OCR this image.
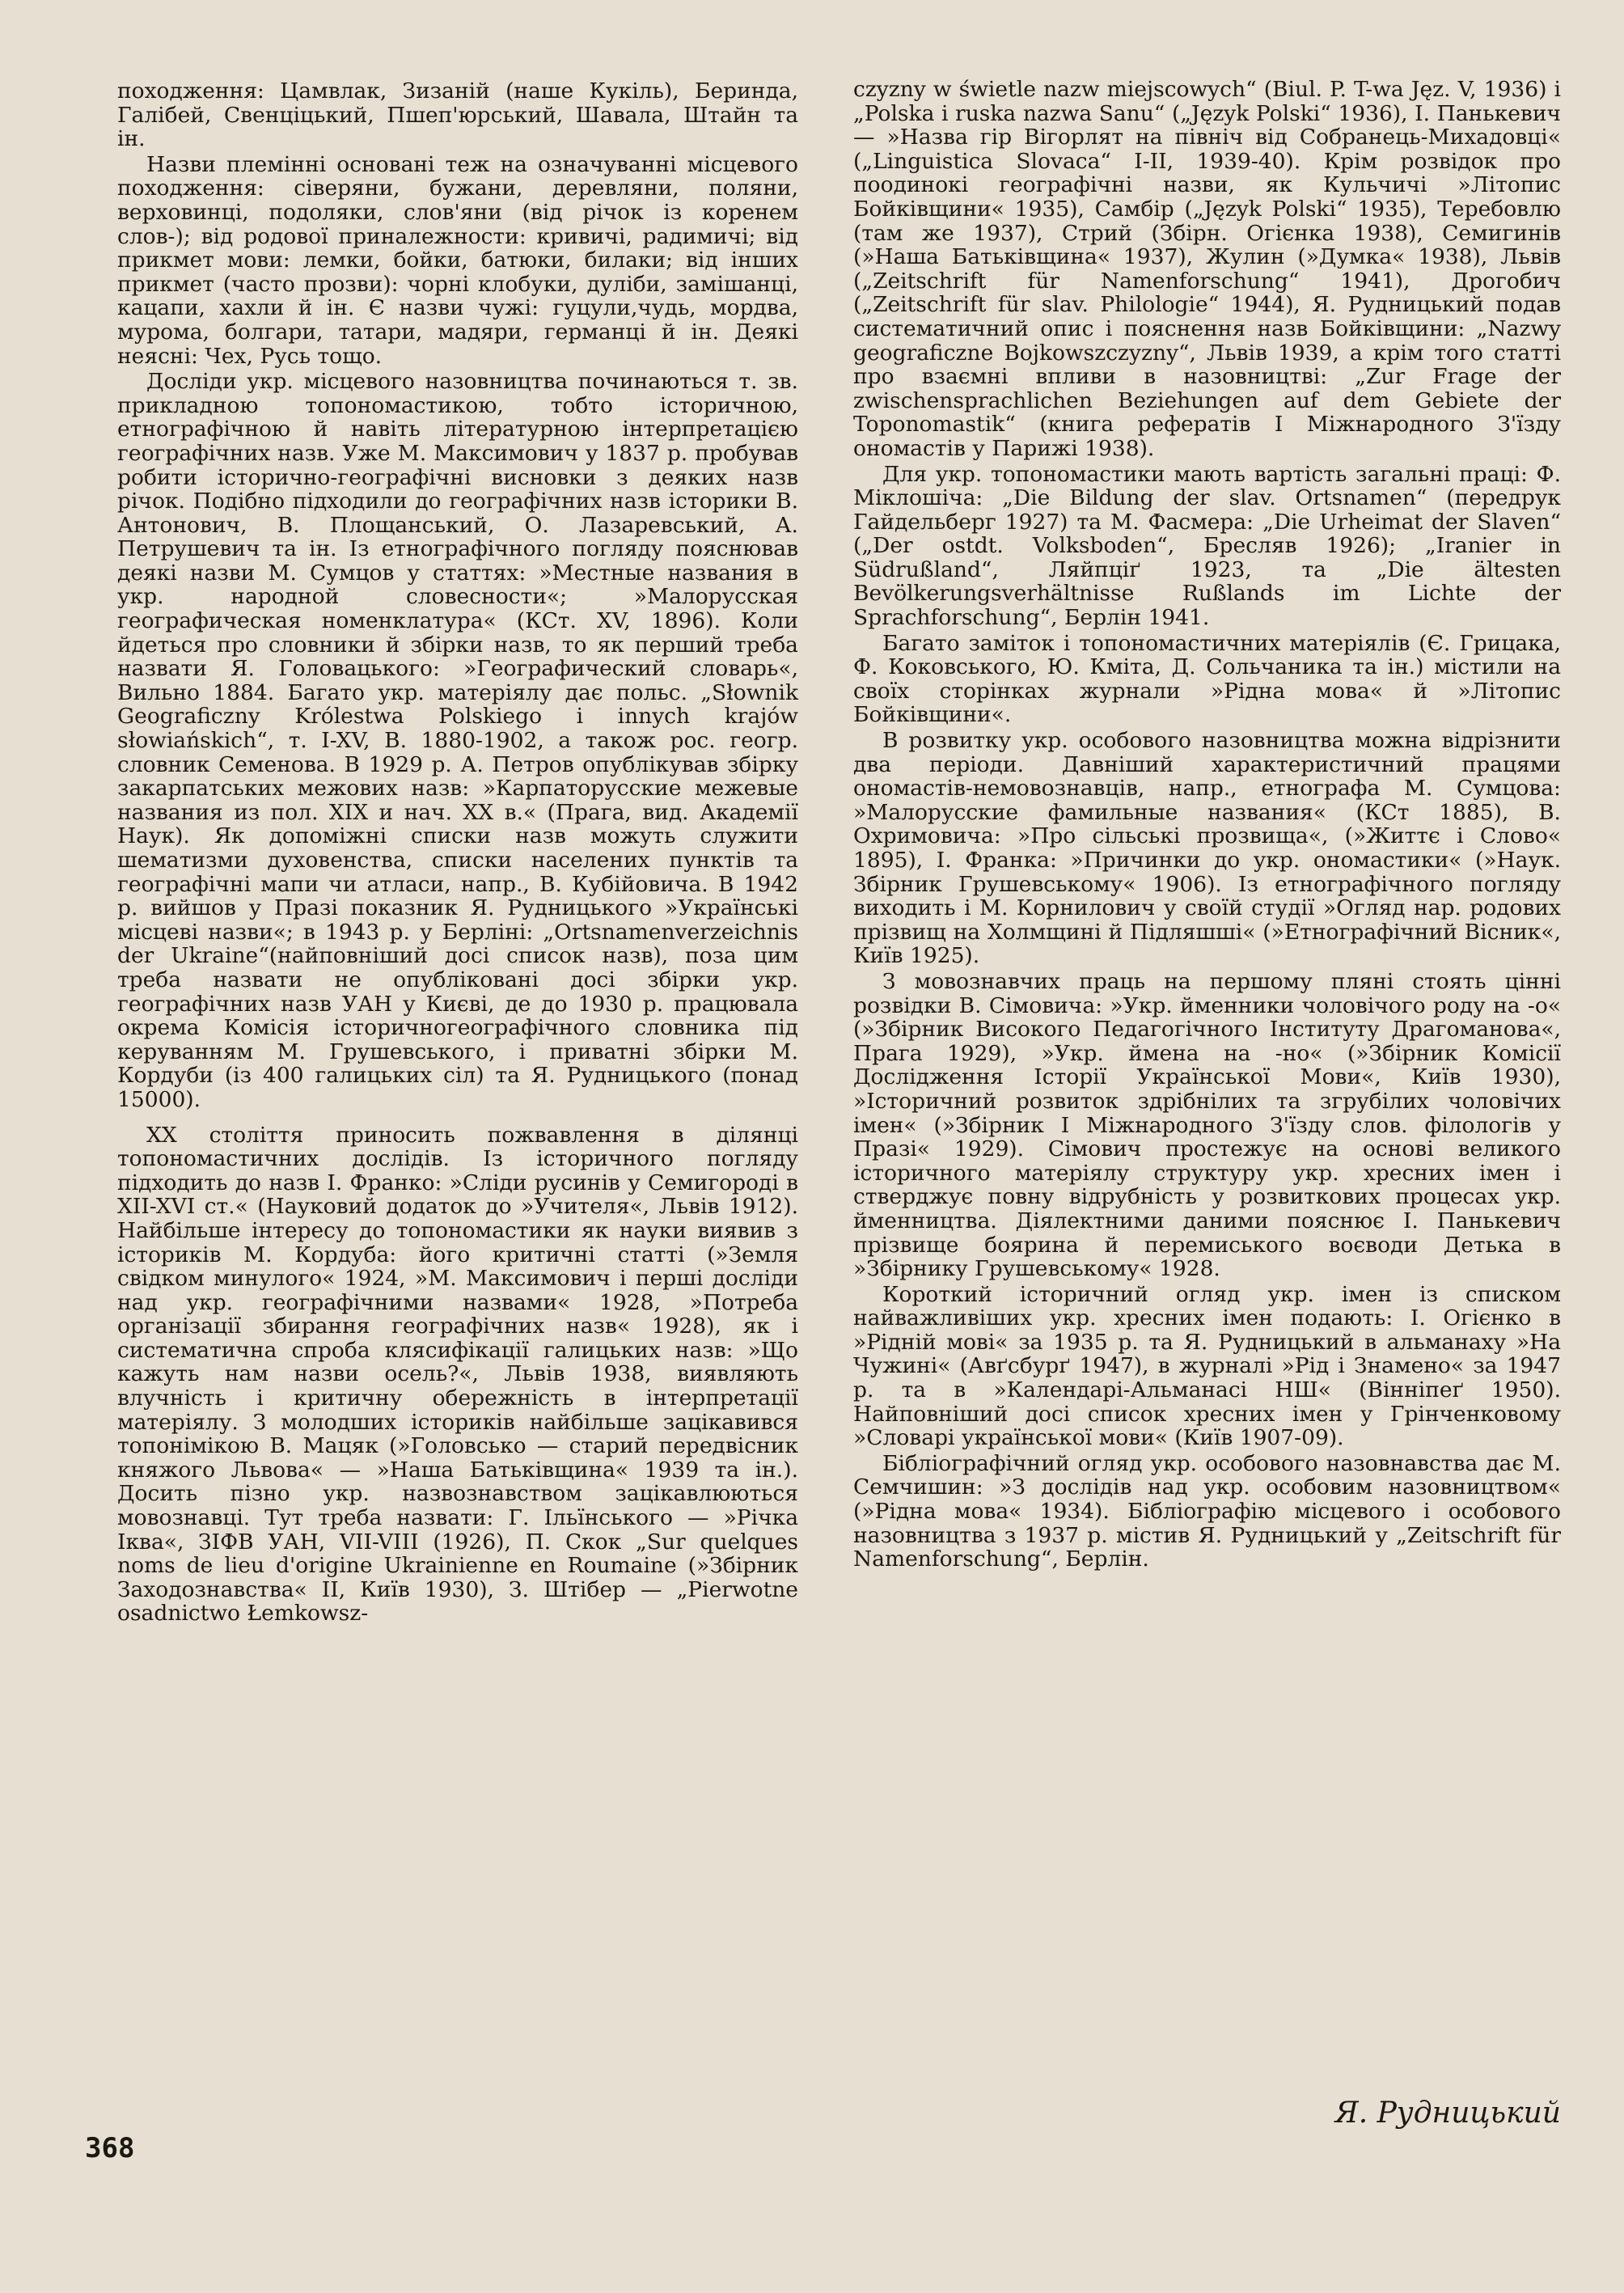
походження: Цамвлак, Зизаній (наше Кукіль), Беринда, Галібей, Свенціцький, Пшеп'юрський, Шавала, Штайн та ін.

Назви племінні основані теж на означуванні місцевого походження: сіверяни, бужани, деревляни, поляни, верховинці, подоляки, слов'яни (від річок із коренем слов-); від родової приналежности: кривичі, радимичі; від прикмет мови: лемки, бойки, батюки, билаки; від інших прикмет (часто прозви): чорні клобуки, дуліби, замішанці, кацапи, хахли й ін. Є назви чужі: гуцули,чудь, мордва, мурома, болгари, татари, мадяри, германці й ін. Деякі неясні: Чех, Русь тощо.

Досліди укр. місцевого назовництва починаються т. зв. прикладною топономастикою, тобто історичною, етнографічною й навіть літературною інтерпретацією географічних назв. Уже М. Максимович у 1837 р. пробував робити історично-географічні висновки з деяких назв річок. Подібно підходили до географічних назв історики В. Антонович, В. Площанський, О. Лазаревський, А. Петрушевич та ін. Із етнографічного погляду пояснював деякі назви М. Сумцов у статтях: »Местные названия в укр. народной словесности«; »Малорусская географическая номенклатура« (КСт. XV, 1896). Коли йдеться про словники й збірки назв, то як перший треба назвати Я. Головацького: »Географический словарь«, Вильно 1884. Багато укр. матеріялу дає польс. „Słownik Geograficzny Królestwa Polskiego i innych krajów słowiańskich“, т. I-XV, В. 1880-1902, а також рос. геогр. словник Семенова. В 1929 р. А. Петров опублікував збірку закарпатських межових назв: »Карпаторусские межевые названия из пол. XIX и нач. XX в.« (Прага, вид. Академії Наук). Як допоміжні списки назв можуть служити шематизми духовенства, списки населених пунктів та географічні мапи чи атласи, напр., В. Кубійовича. В 1942 р. вийшов у Празі показник Я. Рудницького »Українські місцеві назви«; в 1943 р. у Берліні: „Ortsnamenverzeichnis der Ukraine“(найповніший досі список назв), поза цим треба назвати не опубліковані досі збірки укр. географічних назв УАН у Києві, де до 1930 р. працювала окрема Комісія історичногеографічного словника під керуванням М. Грушевського, і приватні збірки М. Кордуби (із 400 галицьких сіл) та Я. Рудницького (понад 15000).

XX століття приносить пожвавлення в ділянці топономастичних дослідів. Із історичного погляду підходить до назв І. Франко: »Сліди русинів у Семигороді в XII-XVI ст.« (Науковий додаток до »Учителя«, Львів 1912). Найбільше інтересу до топономастики як науки виявив з істориків М. Кордуба: його критичні статті (»Земля свідком минулого« 1924, »М. Максимович і перші досліди над укр. географічними назвами« 1928, »Потреба організації збирання географічних назв« 1928), як і систематична спроба клясифікації галицьких назв: »Що кажуть нам назви осель?«, Львів 1938, виявляють влучність і критичну обережність в інтерпретації матеріялу. З молодших істориків найбільше зацікавився топонімікою В. Мацяк (»Головсько — старий передвісник княжого Львова« — »Наша Батьківщина« 1939 та ін.). Досить пізно укр. назвознавством зацікавлюються мовознавці. Тут треба назвати: Г. Ільїнського — »Річка Іква«, ЗІФВ УАН, VII-VIII (1926), П. Скок „Sur quelques noms de lieu d'origine Ukrainienne en Roumaine (»Збірник Заходознавства« II, Київ 1930), З. Штібер — „Pierwotne osadnictwo Łemkowsz-

czyzny w świetle nazw miejscowych“ (Biul. P. T-wa Jęz. V, 1936) і „Polska i ruska nazwa Sanu“ („Język Polski“ 1936), І. Панькевич — »Назва гір Вігорлят на північ від Собранець-Михадовці« („Linguistica Slovaca“ I-II, 1939-40). Крім розвідок про поодинокі географічні назви, як Кульчичі »Літопис Бойківщини« 1935), Самбір („Język Polski“ 1935), Теребовлю (там же 1937), Стрий (Збірн. Огієнка 1938), Семигинів (»Наша Батьківщина« 1937), Жулин (»Думка« 1938), Львів („Zeitschrift für Namenforschung“ 1941), Дрогобич („Zeitschrift für slav. Philologie“ 1944), Я. Рудницький подав систематичний опис і пояснення назв Бойківщини: „Nazwy geograficzne Bojkowszczyzny“, Львів 1939, а крім того статті про взаємні впливи в назовництві: „Zur Frage der zwischensprachlichen Beziehungen auf dem Gebiete der Toponomastik“ (книга рефератів І Міжнародного З'їзду ономастів у Парижі 1938).

Для укр. топономастики мають вартість загальні праці: Ф. Міклошіча: „Die Bildung der slav. Ortsnamen“ (передрук Гайдельберг 1927) та М. Фасмера: „Die Urheimat der Slaven“ („Der ostdt. Volksboden“, Бресляв 1926); „Iranier in Südrußland“, Ляйпціґ 1923, та „Die ältesten Bevölkerungsverhältnisse Rußlands im Lichte der Sprachforschung“, Берлін 1941.

Багато заміток і топономастичних матеріялів (Є. Грицака, Ф. Коковського, Ю. Кміта, Д. Сольчаника та ін.) містили на своїх сторінках журнали »Рідна мова« й »Літопис Бойківщини«.

В розвитку укр. особового назовництва можна відрізнити два періоди. Давніший характеристичний працями ономастів-немовознавців, напр., етнографа М. Сумцова: »Малорусские фамильные названия« (КСт 1885), В. Охримовича: »Про сільські прозвища«, (»Життє і Слово« 1895), І. Франка: »Причинки до укр. ономастики« (»Наук. Збірник Грушевському« 1906). Із етнографічного погляду виходить і М. Корнилович у своїй студії »Огляд нар. родових прізвищ на Холмщині й Підляшші« (»Етнографічний Вісник«, Київ 1925).

З мовознавчих праць на першому пляні стоять цінні розвідки В. Сімовича: »Укр. йменники чоловічого роду на -о« (»Збірник Високого Педагогічного Інституту Драгоманова«, Прага 1929), »Укр. ймена на -но« (»Збірник Комісії Дослідження Історії Української Мови«, Київ 1930), »Історичний розвиток здрібнілих та згрубілих чоловічих імен« (»Збірник І Міжнародного З'їзду слов. філологів у Празі« 1929). Сімович простежує на основі великого історичного матеріялу структуру укр. хресних імен і стверджує повну відрубність у розвиткових процесах укр. йменництва. Діялектними даними пояснює І. Панькевич прізвище боярина й перемиського воєводи Детька в »Збірнику Грушевському« 1928.

Короткий історичний огляд укр. імен із списком найважливіших укр. хресних імен подають: І. Огієнко в »Рідній мові« за 1935 р. та Я. Рудницький в альманаху »На Чужині« (Авґсбурґ 1947), в журналі »Рід і Знамено« за 1947 р. та в »Календарі-Альманасі НШ« (Вінніпеґ 1950). Найповніший досі список хресних імен у Грінченковому »Словарі української мови« (Київ 1907-09).

Бібліографічний огляд укр. особового назовнавства дає М. Семчишин: »З дослідів над укр. особовим назовництвом« (»Рідна мова« 1934). Бібліографію місцевого і особового назовництва з 1937 р. містив Я. Рудницький у „Zeitschrift für Namenforschung“, Берлін.

Я. Рудницький
368
